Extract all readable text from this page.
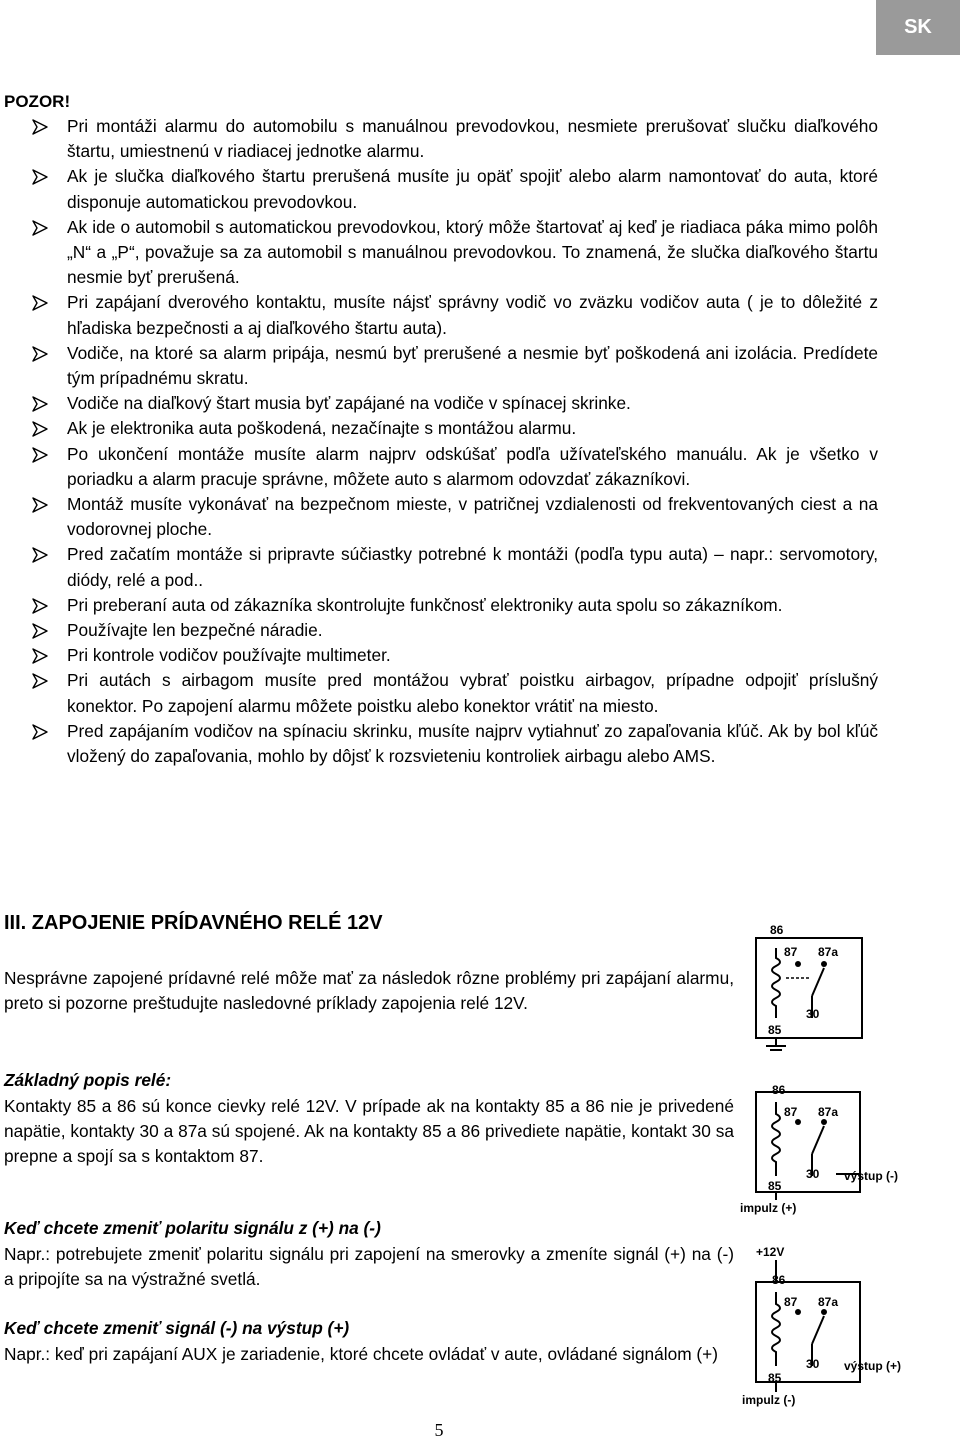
SK
POZOR!
Pri montáži alarmu do automobilu s manuálnou prevodovkou, nesmiete prerušovať slučku diaľkového štartu, umiestnenú v riadiacej jednotke alarmu.
Ak je slučka diaľkového štartu prerušená musíte ju opäť spojiť alebo alarm namontovať do auta, ktoré disponuje automatickou prevodovkou.
Ak ide o automobil s automatickou prevodovkou, ktorý môže štartovať aj keď je riadiaca páka mimo polôh „N“ a „P“, považuje sa za automobil s manuálnou prevodovkou. To znamená, že slučka diaľkového štartu nesmie byť prerušená.
Pri zapájaní dverového kontaktu, musíte nájsť správny vodič vo zväzku vodičov auta ( je to dôležité z hľadiska bezpečnosti a aj diaľkového štartu auta).
Vodiče, na ktoré sa alarm pripája, nesmú byť prerušené a nesmie byť poškodená ani izolácia. Predídete tým prípadnému skratu.
Vodiče na diaľkový štart musia byť zapájané na vodiče v spínacej skrinke.
Ak je elektronika auta poškodená, nezačínajte s montážou alarmu.
Po ukončení montáže musíte alarm najprv odskúšať podľa užívateľského manuálu. Ak je všetko v poriadku a alarm pracuje správne, môžete auto s alarmom odovzdať zákazníkovi.
Montáž musíte vykonávať na bezpečnom mieste, v patričnej vzdialenosti od frekventovaných ciest a na vodorovnej ploche.
Pred začatím montáže si pripravte súčiastky potrebné k montáži (podľa typu auta) – napr.: servomotory, diódy, relé a pod..
Pri preberaní auta od zákazníka skontrolujte funkčnosť elektroniky auta spolu so zákazníkom.
Používajte len bezpečné náradie.
Pri kontrole vodičov používajte multimeter.
Pri autách s airbagom musíte pred montážou vybrať poistku airbagov, prípadne odpojiť príslušný konektor. Po zapojení alarmu môžete poistku alebo konektor vrátiť na miesto.
Pred zapájaním vodičov na spínaciu skrinku, musíte najprv vytiahnuť zo zapaľovania kľúč. Ak by bol kľúč vložený do zapaľovania, mohlo by dôjsť k rozsvieteniu kontroliek airbagu alebo AMS.
III. ZAPOJENIE PRÍDAVNÉHO RELÉ 12V
Nesprávne zapojené prídavné relé môže mať za následok rôzne problémy pri zapájaní alarmu, preto si pozorne preštudujte nasledovné príklady zapojenia relé 12V.
Základný popis relé:
Kontakty 85 a 86 sú konce cievky relé 12V. V prípade ak na kontakty 85 a 86 nie je privedené napätie, kontakty 30 a 87a sú spojené. Ak na kontakty 85 a 86 privediete napätie, kontakt 30 sa prepne a spojí sa s kontaktom 87.
Keď chcete zmeniť polaritu signálu z (+) na (-)
Napr.: potrebujete zmeniť polaritu signálu pri zapojení na smerovky a zmeníte signál (+) na (-) a pripojíte sa na výstražné svetlá.
Keď chcete zmeniť signál (-) na výstup (+)
Napr.: keď pri zapájaní AUX je zariadenie, ktoré chcete ovládať v aute, ovládané signálom (+)
86
87 87a
30
85
86
87 87a
30 výstup (-)
85
impulz (+)
+12V
86
87 87a
30 výstup (+)
85
impulz (-)
5
